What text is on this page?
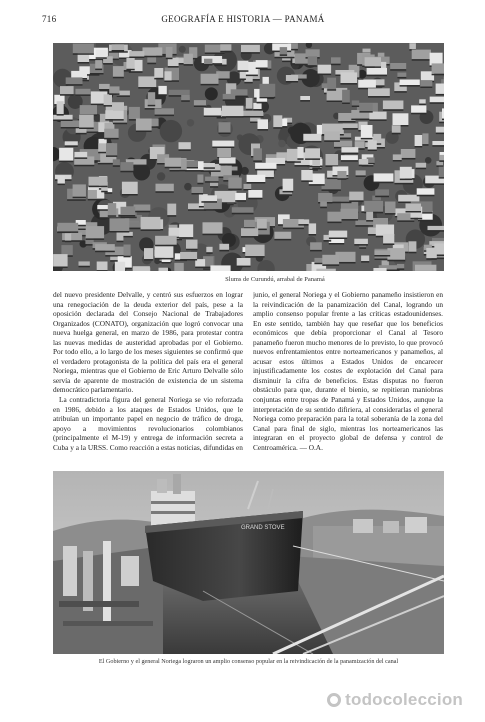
716	GEOGRAFÍA E HISTORIA — PANAMÁ
Slums de Curundú, arrabal de Panamá

del nuevo presidente Delvalle, y centró sus esfuerzos en lograr una renegociación de la deuda exterior del país, pese a la oposición declarada del Consejo Nacional de Trabajadores Organizados (CONATO), organización que logró convocar una nueva huelga general, en marzo de 1986, para protestar contra las nuevas medidas de austeridad aprobadas por el Gobierno. Por todo ello, a lo largo de los meses siguientes se confirmó que el verdadero protagonista de la política del país era el general Noriega, mientras que el Gobierno de Eric Arturo Delvalle sólo servía de aparente de mostración de existencia de un sistema democrático parlamentario.

La contradictoria figura del general Noriega se vio reforzada en 1986, debido a los ataques de Estados Unidos, que le atribuían un importante papel en negocio de tráfico de droga, apoyo a movimientos revolucionarios colombianos (principalmente el M-19) y entrega de información secreta a Cuba y a la URSS. Como reacción a estas noticias, difundidas en

junio, el general Noriega y el Gobierno panameño insistieron en la reivindicación de la panamización del Canal, logrando un amplio consenso popular frente a las críticas estadounidenses. En este sentido, también hay que reseñar que los beneficios económicos que debía proporcionar el Canal al Tesoro panameño fueron mucho menores de lo previsto, lo que provocó nuevos enfrentamientos entre norteamericanos y panameños, al acusar estos últimos a Estados Unidos de encarecer injustificadamente los costes de explotación del Canal para disminuir la cifra de beneficios. Estas disputas no fueron obstáculo para que, durante el bienio, se repitieran maniobras conjuntas entre tropas de Panamá y Estados Unidos, aunque la interpretación de su sentido difiriera, al considerarlas el general Noriega como preparación para la total soberanía de la zona del Canal para final de siglo, mientras los norteamericanos las integraran en el proyecto global de defensa y control de Centroamérica. — O.A.

GRAND STOVE
El Gobierno y el general Noriega lograron un amplio consenso popular en la reivindicación de la panamización del canal
todocoleccion
